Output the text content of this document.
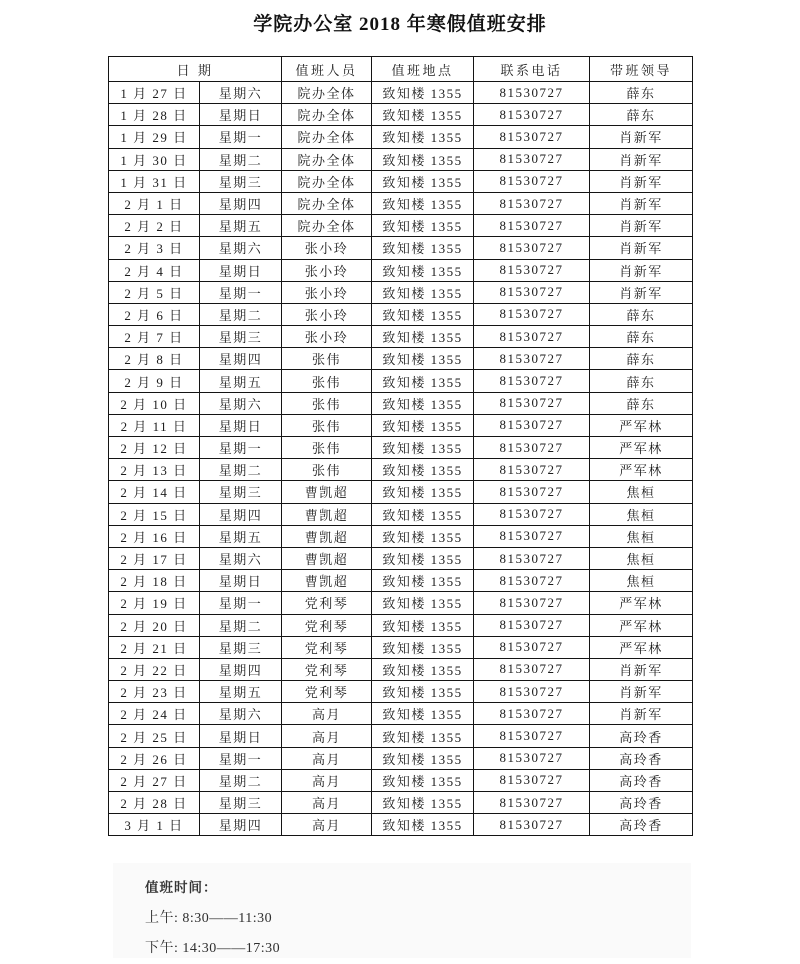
学院办公室 2018 年寒假值班安排
日 期		值班人员	值班地点	联系电话	带班领导
1 月 27 日	星期六	院办全体	致知楼 1355	81530727	薛东
1 月 28 日	星期日	院办全体	致知楼 1355	81530727	薛东
1 月 29 日	星期一	院办全体	致知楼 1355	81530727	肖新军
1 月 30 日	星期二	院办全体	致知楼 1355	81530727	肖新军
1 月 31 日	星期三	院办全体	致知楼 1355	81530727	肖新军
2 月 1 日	星期四	院办全体	致知楼 1355	81530727	肖新军
2 月 2 日	星期五	院办全体	致知楼 1355	81530727	肖新军
2 月 3 日	星期六	张小玲	致知楼 1355	81530727	肖新军
2 月 4 日	星期日	张小玲	致知楼 1355	81530727	肖新军
2 月 5 日	星期一	张小玲	致知楼 1355	81530727	肖新军
2 月 6 日	星期二	张小玲	致知楼 1355	81530727	薛东
2 月 7 日	星期三	张小玲	致知楼 1355	81530727	薛东
2 月 8 日	星期四	张伟	致知楼 1355	81530727	薛东
2 月 9 日	星期五	张伟	致知楼 1355	81530727	薛东
2 月 10 日	星期六	张伟	致知楼 1355	81530727	薛东
2 月 11 日	星期日	张伟	致知楼 1355	81530727	严军林
2 月 12 日	星期一	张伟	致知楼 1355	81530727	严军林
2 月 13 日	星期二	张伟	致知楼 1355	81530727	严军林
2 月 14 日	星期三	曹凯超	致知楼 1355	81530727	焦桓
2 月 15 日	星期四	曹凯超	致知楼 1355	81530727	焦桓
2 月 16 日	星期五	曹凯超	致知楼 1355	81530727	焦桓
2 月 17 日	星期六	曹凯超	致知楼 1355	81530727	焦桓
2 月 18 日	星期日	曹凯超	致知楼 1355	81530727	焦桓
2 月 19 日	星期一	党利琴	致知楼 1355	81530727	严军林
2 月 20 日	星期二	党利琴	致知楼 1355	81530727	严军林
2 月 21 日	星期三	党利琴	致知楼 1355	81530727	严军林
2 月 22 日	星期四	党利琴	致知楼 1355	81530727	肖新军
2 月 23 日	星期五	党利琴	致知楼 1355	81530727	肖新军
2 月 24 日	星期六	高月	致知楼 1355	81530727	肖新军
2 月 25 日	星期日	高月	致知楼 1355	81530727	高玲香
2 月 26 日	星期一	高月	致知楼 1355	81530727	高玲香
2 月 27 日	星期二	高月	致知楼 1355	81530727	高玲香
2 月 28 日	星期三	高月	致知楼 1355	81530727	高玲香
3 月 1 日	星期四	高月	致知楼 1355	81530727	高玲香

值班时间：

上午: 8:30——11:30

下午: 14:30——17:30
